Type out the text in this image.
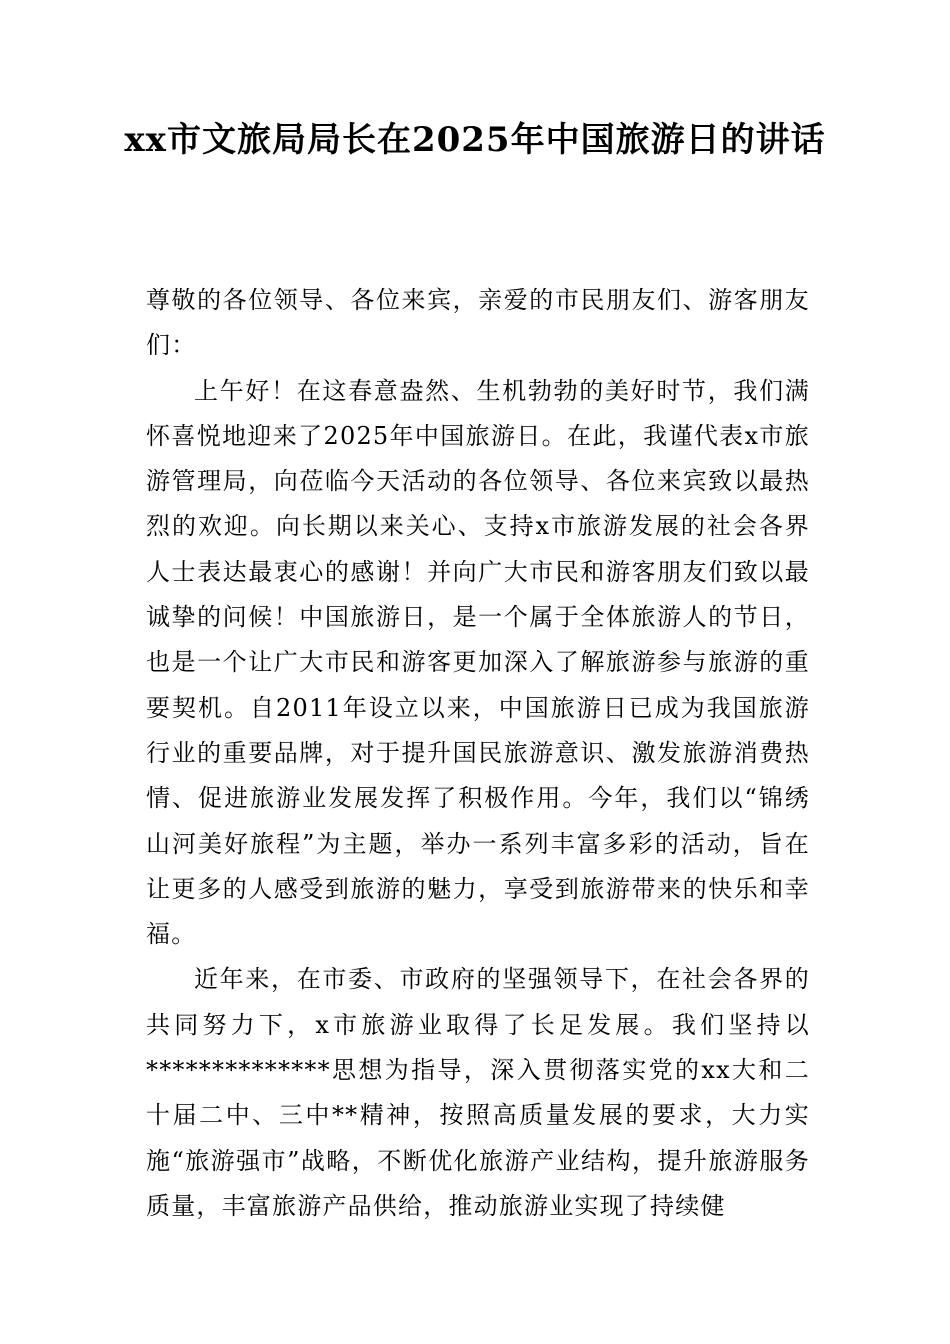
xx市文旅局局长在2025年中国旅游日的讲话

尊敬的各位领导、各位来宾，亲爱的市民朋友们、游客朋友们：

上午好！在这春意盎然、生机勃勃的美好时节，我们满怀喜悦地迎来了2025年中国旅游日。在此，我谨代表x市旅游管理局，向莅临今天活动的各位领导、各位来宾致以最热烈的欢迎。向长期以来关心、支持x市旅游发展的社会各界人士表达最衷心的感谢！并向广大市民和游客朋友们致以最诚挚的问候！中国旅游日，是一个属于全体旅游人的节日，也是一个让广大市民和游客更加深入了解旅游参与旅游的重要契机。自2011年设立以来，中国旅游日已成为我国旅游行业的重要品牌，对于提升国民旅游意识、激发旅游消费热情、促进旅游业发展发挥了积极作用。今年，我们以“锦绣山河美好旅程”为主题，举办一系列丰富多彩的活动，旨在让更多的人感受到旅游的魅力，享受到旅游带来的快乐和幸福。

近年来，在市委、市政府的坚强领导下，在社会各界的共同努力下，x市旅游业取得了长足发展。我们坚持以**************思想为指导，深入贯彻落实党的xx大和二十届二中、三中**精神，按照高质量发展的要求，大力实施“旅游强市”战略，不断优化旅游产业结构，提升旅游服务质量，丰富旅游产品供给，推动旅游业实现了持续健
